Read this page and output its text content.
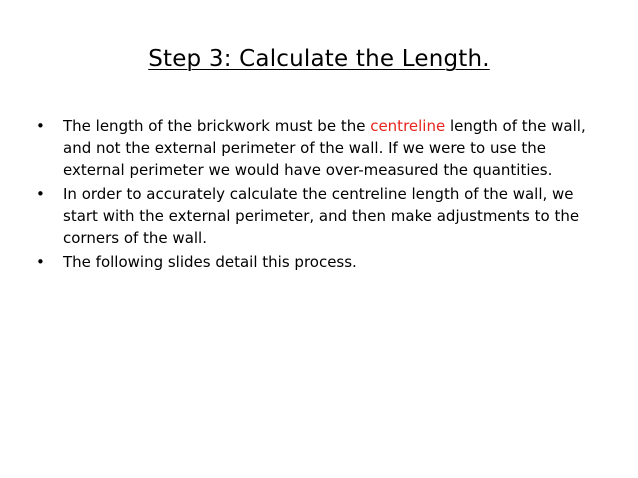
Step 3: Calculate the Length.
•	The length of the brickwork must be the centreline length of the wall, and not the external perimeter of the wall. If we were to use the external perimeter we would have over-measured the quantities.
•	In order to accurately calculate the centreline length of the wall, we start with the external perimeter, and then make adjustments to the corners of the wall.
•	The following slides detail this process.
